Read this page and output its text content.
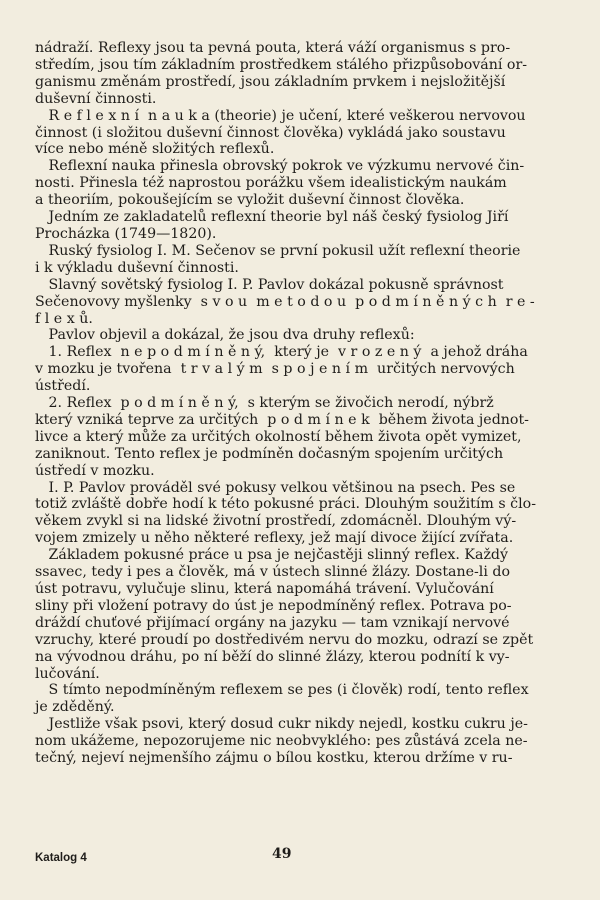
nádraží. Reflexy jsou ta pevná pouta, která váží organismus s pro-
středím, jsou tím základním prostředkem stálého přizpůsobování or-
ganismu změnám prostředí, jsou základním prvkem i nejsložitější
duševní činnosti.
R e f l e x n í  n a u k a (theorie) je učení, které veškerou nervovou
činnost (i složitou duševní činnost člověka) vykládá jako soustavu
více nebo méně složitých reflexů.
Reflexní nauka přinesla obrovský pokrok ve výzkumu nervové čin-
nosti. Přinesla též naprostou porážku všem idealistickým naukám
a theoriím, pokoušejícím se vyložit duševní činnost člověka.
Jedním ze zakladatelů reflexní theorie byl náš český fysiolog Jiří
Procházka (1749—1820).
Ruský fysiolog I. M. Sečenov se první pokusil užít reflexní theorie
i k výkladu duševní činnosti.
Slavný sovětský fysiolog I. P. Pavlov dokázal pokusně správnost
Sečenovovy myšlenky  s v o u  m e t o d o u  p o d m í n ě n ý c h  r e -
f l e x ů.
Pavlov objevil a dokázal, že jsou dva druhy reflexů:
1. Reflex  n e p o d m í n ě n ý,  který je  v r o z e n ý  a jehož dráha
v mozku je tvořena  t r v a l ý m  s p o j e n í m  určitých nervových
ústředí.
2. Reflex  p o d m í n ě n ý,  s kterým se živočich nerodí, nýbrž
který vzniká teprve za určitých  p o d m í n e k  během života jednot-
livce a který může za určitých okolností během života opět vymizet,
zaniknout. Tento reflex je podmíněn dočasným spojením určitých
ústředí v mozku.
I. P. Pavlov prováděl své pokusy velkou většinou na psech. Pes se
totiž zvláště dobře hodí k této pokusné práci. Dlouhým soužitím s člo-
věkem zvykl si na lidské životní prostředí, zdomácněl. Dlouhým vý-
vojem zmizely u něho některé reflexy, jež mají divoce žijící zvířata.
Základem pokusné práce u psa je nejčastěji slinný reflex. Každý
ssavec, tedy i pes a člověk, má v ústech slinné žlázy. Dostane-li do
úst potravu, vylučuje slinu, která napomáhá trávení. Vylučování
sliny při vložení potravy do úst je nepodmíněný reflex. Potrava po-
dráždí chuťové přijímací orgány na jazyku — tam vznikají nervové
vzruchy, které proudí po dostředivém nervu do mozku, odrazí se zpět
na vývodnou dráhu, po ní běží do slinné žlázy, kterou podnítí k vy-
lučování.
S tímto nepodmíněným reflexem se pes (i člověk) rodí, tento reflex
je zděděný.
Jestliže však psovi, který dosud cukr nikdy nejedl, kostku cukru je-
nom ukážeme, nepozorujeme nic neobvyklého: pes zůstává zcela ne-
tečný, nejeví nejmenšího zájmu o bílou kostku, kterou držíme v ru-
Katalog 4	49
